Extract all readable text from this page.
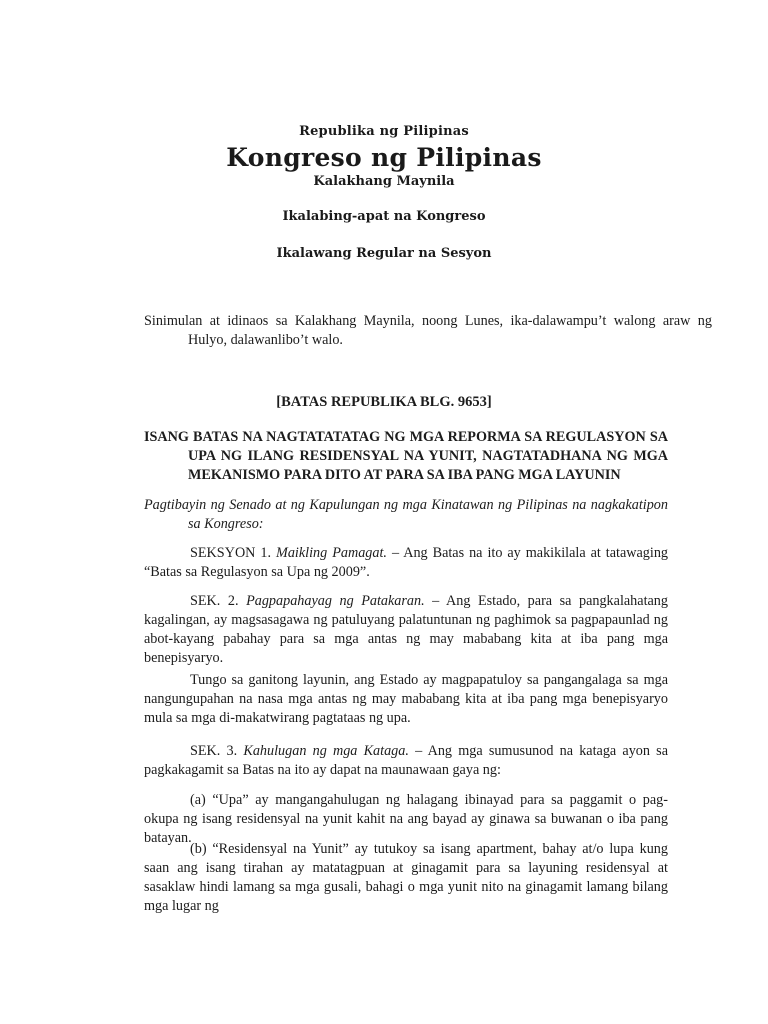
Republika ng Pilipinas
Kongreso ng Pilipinas
Kalakhang Maynila
Ikalabing-apat na Kongreso
Ikalawang Regular na Sesyon
Sinimulan at idinaos sa Kalakhang Maynila, noong Lunes, ika-dalawampu’t walong araw ng Hulyo, dalawanlibo’t walo.
[BATAS REPUBLIKA BLG. 9653]
ISANG BATAS NA NAGTATATATAG NG MGA REPORMA SA REGULASYON SA UPA NG ILANG RESIDENSYAL NA YUNIT, NAGTATADHANA NG MGA MEKANISMO PARA DITO AT PARA SA IBA PANG MGA LAYUNIN
Pagtibayin ng Senado at ng Kapulungan ng mga Kinatawan ng Pilipinas na nagkakatipon sa Kongreso:
SEKSYON 1. Maikling Pamagat. – Ang Batas na ito ay makikilala at tatawaging “Batas sa Regulasyon sa Upa ng 2009”.
SEK. 2. Pagpapahayag ng Patakaran. – Ang Estado, para sa pangkalahatang kagalingan, ay magsasagawa ng patuluyang palatuntunan ng paghimok sa pagpapaunlad ng abot-kayang pabahay para sa mga antas ng may mababang kita at iba pang mga benepisyaryo.
Tungo sa ganitong layunin, ang Estado ay magpapatuloy sa pangangalaga sa mga nangungupahan na nasa mga antas ng may mababang kita at iba pang mga benepisyaryo mula sa mga di-makatwirang pagtataas ng upa.
SEK. 3. Kahulugan ng mga Kataga. – Ang mga sumusunod na kataga ayon sa pagkakagamit sa Batas na ito ay dapat na maunawaan gaya ng:
(a) “Upa” ay mangangahulugan ng halagang ibinayad para sa paggamit o pag-okupa ng isang residensyal na yunit kahit na ang bayad ay ginawa sa buwanan o iba pang batayan.
(b) “Residensyal na Yunit” ay tutukoy sa isang apartment, bahay at/o lupa kung saan ang isang tirahan ay matatagpuan at ginagamit para sa layuning residensyal at sasaklaw hindi lamang sa mga gusali, bahagi o mga yunit nito na ginagamit lamang bilang mga lugar ng
